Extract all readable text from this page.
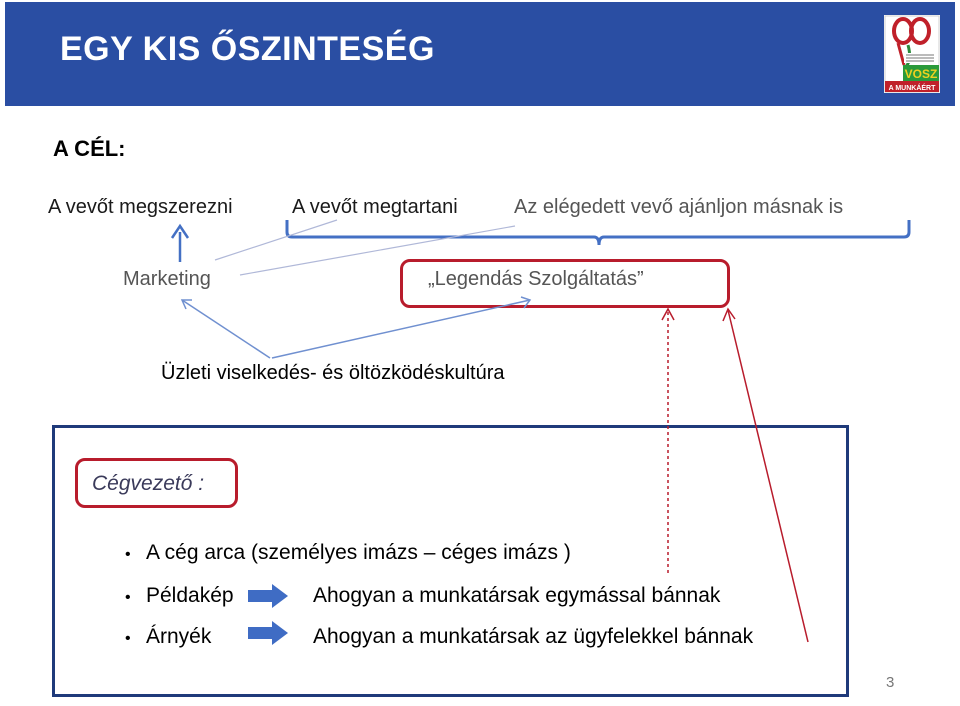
EGY KIS ŐSZINTESÉG
VOSZ
A MUNKÁÉRT
A CÉL:
A vevőt megszerezni	A vevőt megtartani	Az elégedett vevő ajánljon másnak is
Marketing	„Legendás Szolgáltatás”
Üzleti viselkedés- és öltözködéskultúra
Cégvezető :
• A cég arca (személyes imázs – céges imázs )
• Példakép	Ahogyan a munkatársak egymással bánnak
• Árnyék	Ahogyan a munkatársak az ügyfelekkel bánnak
3
